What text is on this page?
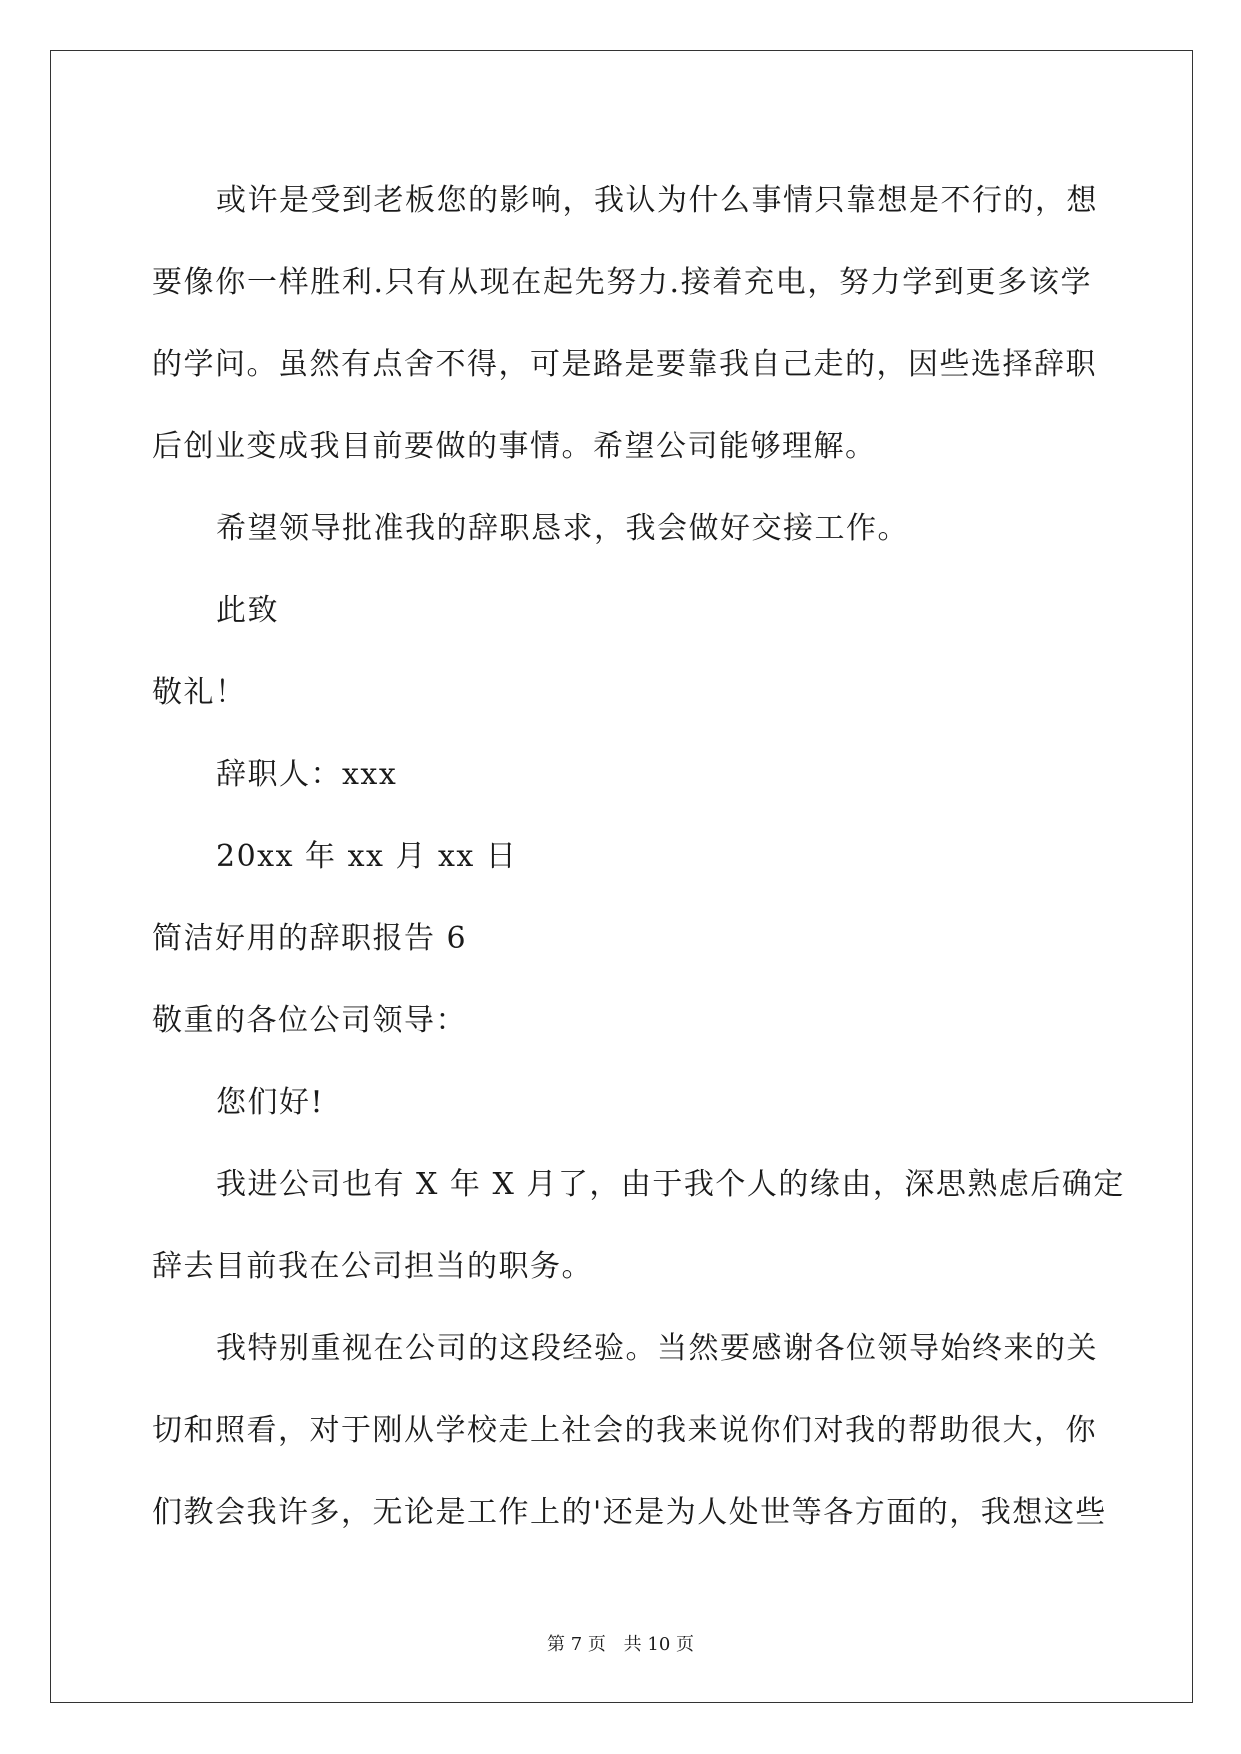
或许是受到老板您的影响，我认为什么事情只靠想是不行的，想
要像你一样胜利.只有从现在起先努力.接着充电，努力学到更多该学
的学问。虽然有点舍不得，可是路是要靠我自己走的，因些选择辞职
后创业变成我目前要做的事情。希望公司能够理解。
希望领导批准我的辞职恳求，我会做好交接工作。
此致
敬礼！
辞职人：xxx
20xx 年 xx 月 xx 日
简洁好用的辞职报告 6
敬重的各位公司领导：
您们好!
我进公司也有 X 年 X 月了，由于我个人的缘由，深思熟虑后确定
辞去目前我在公司担当的职务。
我特别重视在公司的这段经验。当然要感谢各位领导始终来的关
切和照看，对于刚从学校走上社会的我来说你们对我的帮助很大，你
们教会我许多，无论是工作上的'还是为人处世等各方面的，我想这些
第 7 页 共 10 页
